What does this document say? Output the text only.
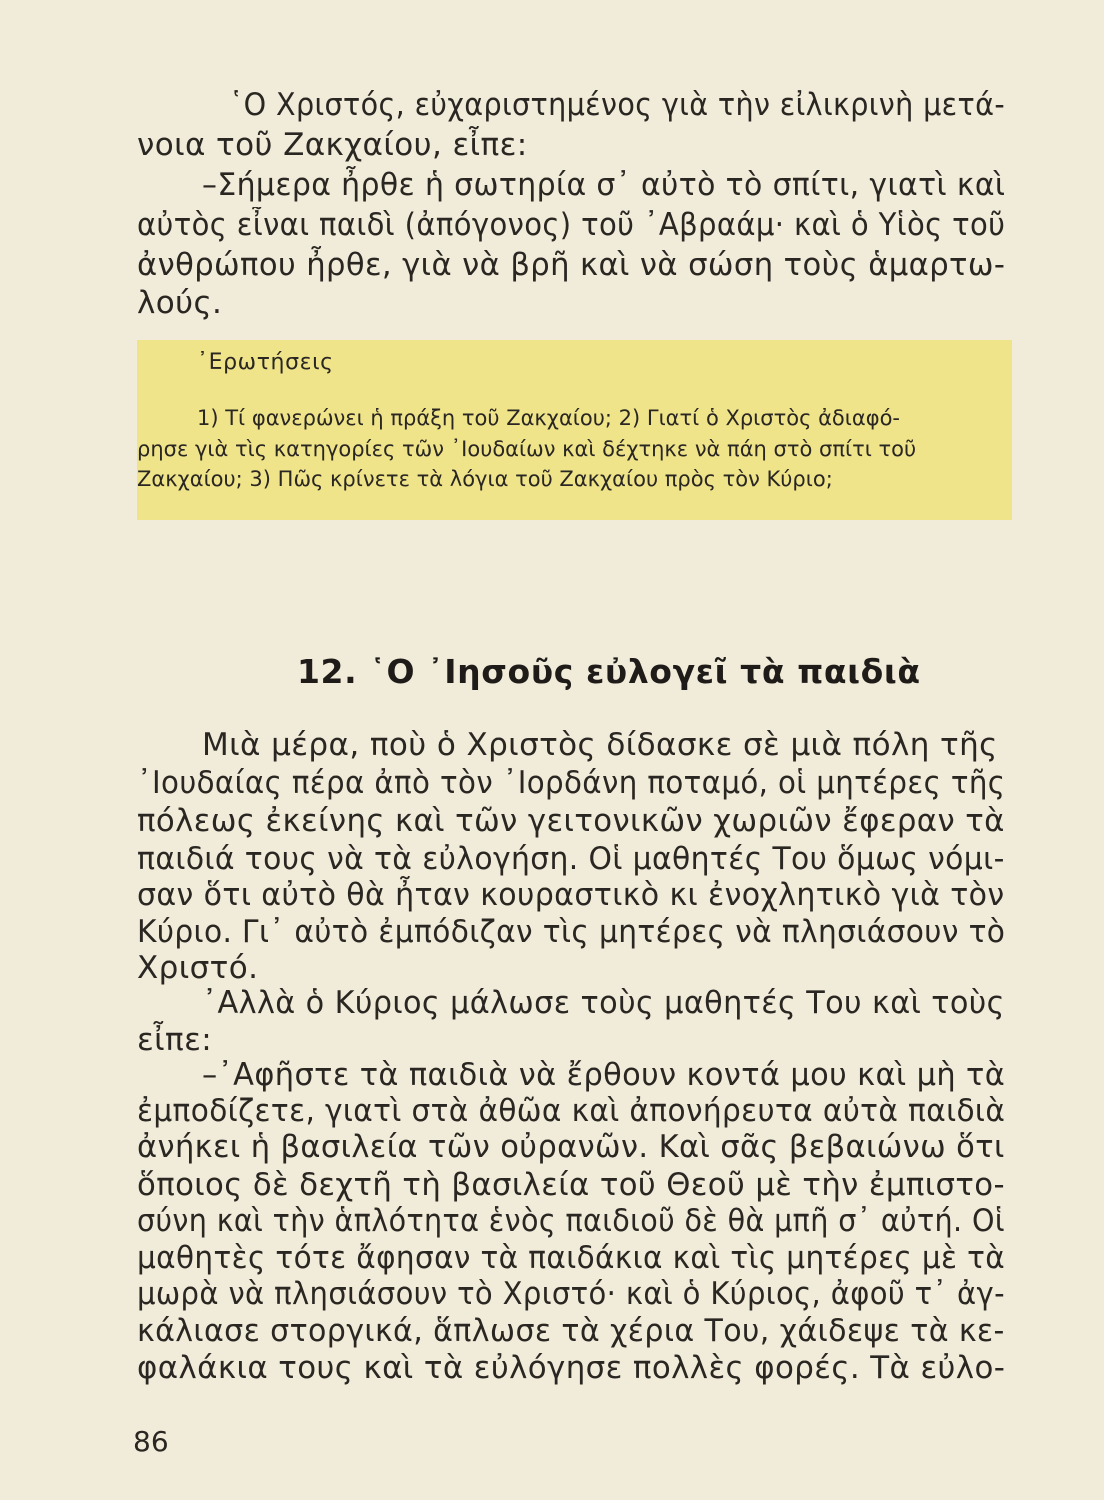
῾Ο Χριστός, εὐχαριστημένος γιὰ τὴν εἰλικρινὴ μετά-

νοια τοῦ Ζακχαίου, εἶπε:

–Σήμερα ἦρθε ἡ σωτηρία σ᾿ αὐτὸ τὸ σπίτι, γιατὶ καὶ

αὐτὸς εἶναι παιδὶ (ἀπόγονος) τοῦ ᾿Αβραάμ· καὶ ὁ Υἱὸς τοῦ

ἀνθρώπου ἦρθε, γιὰ νὰ βρῆ καὶ νὰ σώση τοὺς ἁμαρτω-

λούς.

᾿Ερωτήσεις

1) Τί φανερώνει ἡ πράξη τοῦ Ζακχαίου; 2) Γιατί ὁ Χριστὸς ἀδιαφό-

ρησε γιὰ τὶς κατηγορίες τῶν ᾿Ιουδαίων καὶ δέχτηκε νὰ πάη στὸ σπίτι τοῦ

Ζακχαίου; 3) Πῶς κρίνετε τὰ λόγια τοῦ Ζακχαίου πρὸς τὸν Κύριο;

12. ῾Ο ᾿Ιησοῦς εὐλογεῖ τὰ παιδιὰ

Μιὰ μέρα, ποὺ ὁ Χριστὸς δίδασκε σὲ μιὰ πόλη τῆς

᾿Ιουδαίας πέρα ἀπὸ τὸν ᾿Ιορδάνη ποταμό, οἱ μητέρες τῆς

πόλεως ἐκείνης καὶ τῶν γειτονικῶν χωριῶν ἔφεραν τὰ

παιδιά τους νὰ τὰ εὐλογήση. Οἱ μαθητές Του ὅμως νόμι-

σαν ὅτι αὐτὸ θὰ ἦταν κουραστικὸ κι ἐνοχλητικὸ γιὰ τὸν

Κύριο. Γι᾿ αὐτὸ ἐμπόδιζαν τὶς μητέρες νὰ πλησιάσουν τὸ

Χριστό.

᾿Αλλὰ ὁ Κύριος μάλωσε τοὺς μαθητές Του καὶ τοὺς

εἶπε:

–᾿Αφῆστε τὰ παιδιὰ νὰ ἔρθουν κοντά μου καὶ μὴ τὰ

ἐμποδίζετε, γιατὶ στὰ ἀθῶα καὶ ἀπονήρευτα αὐτὰ παιδιὰ

ἀνήκει ἡ βασιλεία τῶν οὐρανῶν. Καὶ σᾶς βεβαιώνω ὅτι

ὅποιος δὲ δεχτῆ τὴ βασιλεία τοῦ Θεοῦ μὲ τὴν ἐμπιστο-

σύνη καὶ τὴν ἁπλότητα ἑνὸς παιδιοῦ δὲ θὰ μπῆ σ᾿ αὐτή. Οἱ

μαθητὲς τότε ἄφησαν τὰ παιδάκια καὶ τὶς μητέρες μὲ τὰ

μωρὰ νὰ πλησιάσουν τὸ Χριστό· καὶ ὁ Κύριος, ἀφοῦ τ᾿ ἀγ-

κάλιασε στοργικά, ἅπλωσε τὰ χέρια Του, χάιδεψε τὰ κε-

φαλάκια τους καὶ τὰ εὐλόγησε πολλὲς φορές. Τὰ εὐλο-

86
